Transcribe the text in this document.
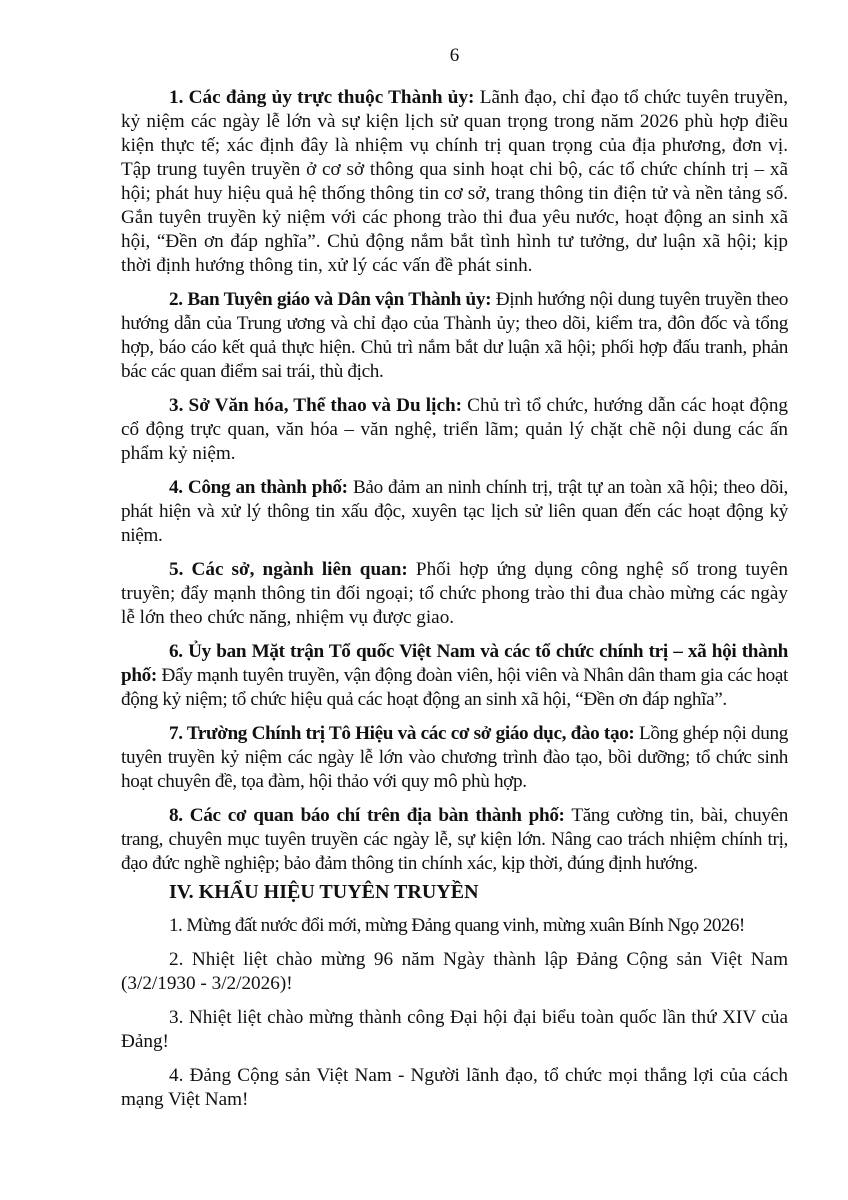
6

1. Các đảng ủy trực thuộc Thành ủy: Lãnh đạo, chỉ đạo tổ chức tuyên truyền, kỷ niệm các ngày lễ lớn và sự kiện lịch sử quan trọng trong năm 2026 phù hợp điều kiện thực tế; xác định đây là nhiệm vụ chính trị quan trọng của địa phương, đơn vị. Tập trung tuyên truyền ở cơ sở thông qua sinh hoạt chi bộ, các tổ chức chính trị – xã hội; phát huy hiệu quả hệ thống thông tin cơ sở, trang thông tin điện tử và nền tảng số. Gắn tuyên truyền kỷ niệm với các phong trào thi đua yêu nước, hoạt động an sinh xã hội, “Đền ơn đáp nghĩa”. Chủ động nắm bắt tình hình tư tưởng, dư luận xã hội; kịp thời định hướng thông tin, xử lý các vấn đề phát sinh.

2. Ban Tuyên giáo và Dân vận Thành ủy: Định hướng nội dung tuyên truyền theo hướng dẫn của Trung ương và chỉ đạo của Thành ủy; theo dõi, kiểm tra, đôn đốc và tổng hợp, báo cáo kết quả thực hiện. Chủ trì nắm bắt dư luận xã hội; phối hợp đấu tranh, phản bác các quan điểm sai trái, thù địch.

3. Sở Văn hóa, Thể thao và Du lịch: Chủ trì tổ chức, hướng dẫn các hoạt động cổ động trực quan, văn hóa – văn nghệ, triển lãm; quản lý chặt chẽ nội dung các ấn phẩm kỷ niệm.

4. Công an thành phố: Bảo đảm an ninh chính trị, trật tự an toàn xã hội; theo dõi, phát hiện và xử lý thông tin xấu độc, xuyên tạc lịch sử liên quan đến các hoạt động kỷ niệm.

5. Các sở, ngành liên quan: Phối hợp ứng dụng công nghệ số trong tuyên truyền; đẩy mạnh thông tin đối ngoại; tổ chức phong trào thi đua chào mừng các ngày lễ lớn theo chức năng, nhiệm vụ được giao.

6. Ủy ban Mặt trận Tổ quốc Việt Nam và các tổ chức chính trị – xã hội thành phố: Đẩy mạnh tuyên truyền, vận động đoàn viên, hội viên và Nhân dân tham gia các hoạt động kỷ niệm; tổ chức hiệu quả các hoạt động an sinh xã hội, “Đền ơn đáp nghĩa”.

7. Trường Chính trị Tô Hiệu và các cơ sở giáo dục, đào tạo: Lồng ghép nội dung tuyên truyền kỷ niệm các ngày lễ lớn vào chương trình đào tạo, bồi dưỡng; tổ chức sinh hoạt chuyên đề, tọa đàm, hội thảo với quy mô phù hợp.

8. Các cơ quan báo chí trên địa bàn thành phố: Tăng cường tin, bài, chuyên trang, chuyên mục tuyên truyền các ngày lễ, sự kiện lớn. Nâng cao trách nhiệm chính trị, đạo đức nghề nghiệp; bảo đảm thông tin chính xác, kịp thời, đúng định hướng.

IV. KHẨU HIỆU TUYÊN TRUYỀN

1. Mừng đất nước đổi mới, mừng Đảng quang vinh, mừng xuân Bính Ngọ 2026!

2. Nhiệt liệt chào mừng 96 năm Ngày thành lập Đảng Cộng sản Việt Nam (3/2/1930 - 3/2/2026)!

3. Nhiệt liệt chào mừng thành công Đại hội đại biểu toàn quốc lần thứ XIV của Đảng!

4. Đảng Cộng sản Việt Nam - Người lãnh đạo, tổ chức mọi thắng lợi của cách mạng Việt Nam!
